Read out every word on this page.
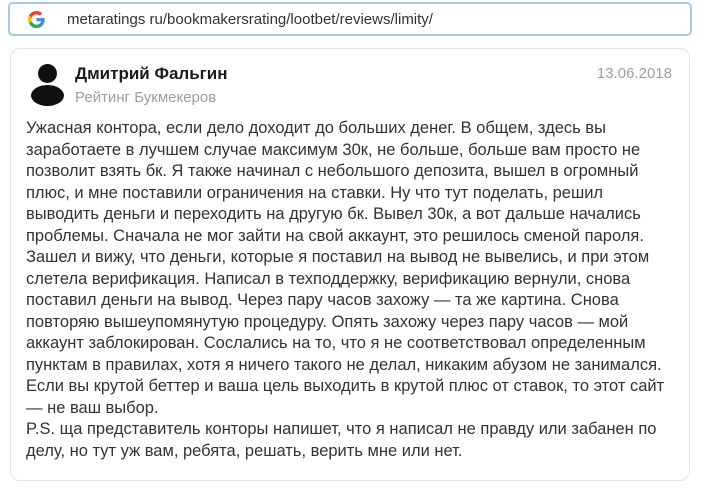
metaratings ru/bookmakersrating/lootbet/reviews/limity/
Дмитрий Фальгин
Рейтинг Букмекеров
13.06.2018

Ужасная контора, если дело доходит до больших денег. В общем, здесь вы заработаете в лучшем случае максимум 30к, не больше, больше вам просто не позволит взять бк. Я также начинал с небольшого депозита, вышел в огромный плюс, и мне поставили ограничения на ставки. Ну что тут поделать, решил выводить деньги и переходить на другую бк. Вывел 30к, а вот дальше начались проблемы. Сначала не мог зайти на свой аккаунт, это решилось сменой пароля. Зашел и вижу, что деньги, которые я поставил на вывод не вывелись, и при этом слетела верификация. Написал в техподдержку, верификацию вернули, снова поставил деньги на вывод. Через пару часов захожу — та же картина. Снова повторяю вышеупомянутую процедуру. Опять захожу через пару часов — мой аккаунт заблокирован. Сослались на то, что я не соответствовал определенным пунктам в правилах, хотя я ничего такого не делал, никаким абузом не занимался.

Если вы крутой беттер и ваша цель выходить в крутой плюс от ставок, то этот сайт — не ваш выбор.

P.S. ща представитель конторы напишет, что я написал не правду или забанен по делу, но тут уж вам, ребята, решать, верить мне или нет.
